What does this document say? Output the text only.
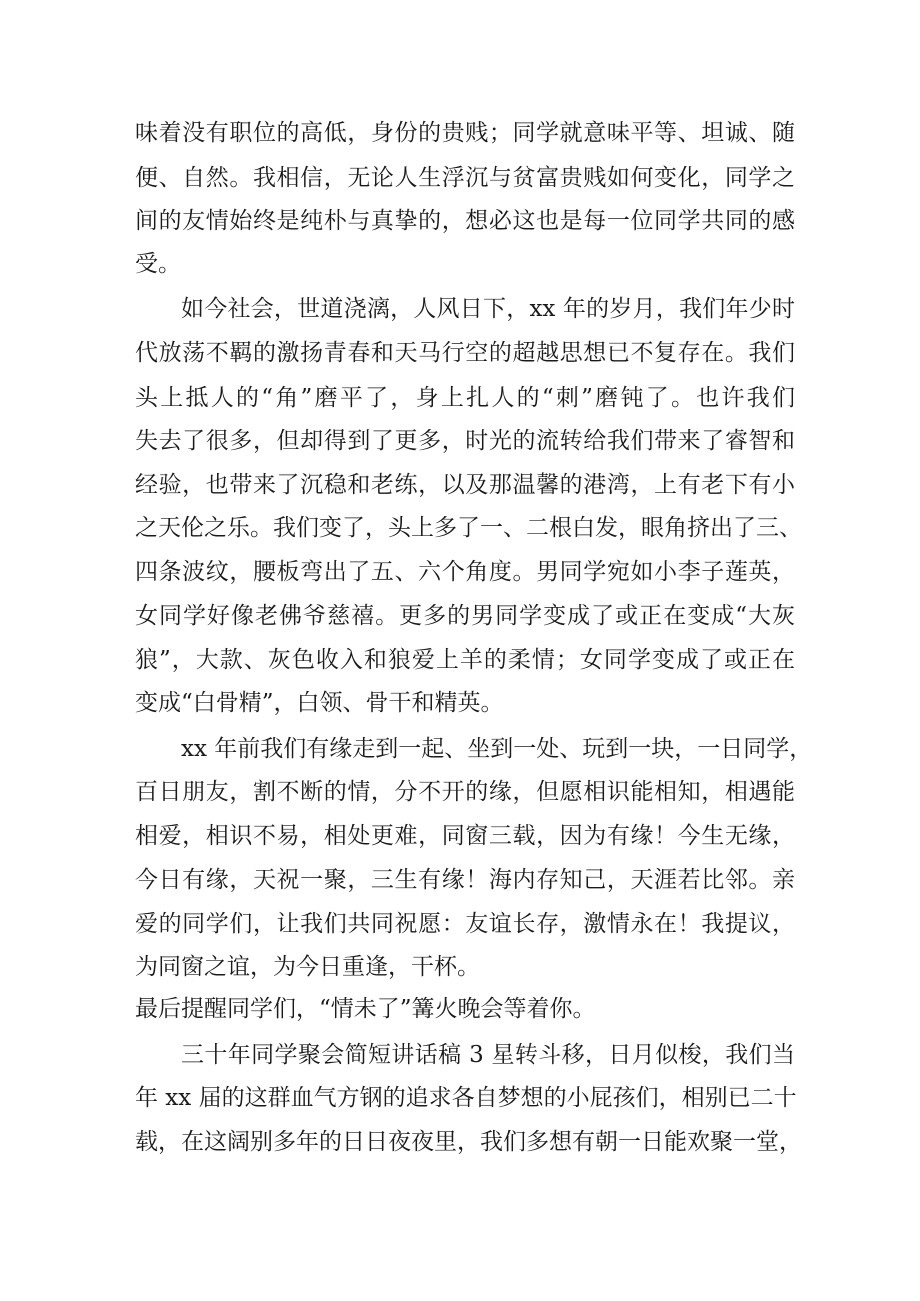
味着没有职位的高低，身份的贵贱；同学就意味平等、坦诚、随
便、自然。我相信，无论人生浮沉与贫富贵贱如何变化，同学之
间的友情始终是纯朴与真挚的，想必这也是每一位同学共同的感
受。
如今社会，世道浇漓，人风日下，xx 年的岁月，我们年少时
代放荡不羁的激扬青春和天马行空的超越思想已不复存在。我们
头上抵人的“角”磨平了，身上扎人的“刺”磨钝了。也许我们
失去了很多，但却得到了更多，时光的流转给我们带来了睿智和
经验，也带来了沉稳和老练，以及那温馨的港湾，上有老下有小
之天伦之乐。我们变了，头上多了一、二根白发，眼角挤出了三、
四条波纹，腰板弯出了五、六个角度。男同学宛如小李子莲英，
女同学好像老佛爷慈禧。更多的男同学变成了或正在变成“大灰
狼”，大款、灰色收入和狼爱上羊的柔情；女同学变成了或正在
变成“白骨精”，白领、骨干和精英。
xx 年前我们有缘走到一起、坐到一处、玩到一块，一日同学，
百日朋友，割不断的情，分不开的缘，但愿相识能相知，相遇能
相爱，相识不易，相处更难，同窗三载，因为有缘！今生无缘，
今日有缘，天祝一聚，三生有缘！海内存知己，天涯若比邻。亲
爱的同学们，让我们共同祝愿：友谊长存，激情永在！我提议，
为同窗之谊，为今日重逢，干杯。
最后提醒同学们，“情未了”篝火晚会等着你。
三十年同学聚会简短讲话稿 3 星转斗移，日月似梭，我们当
年 xx 届的这群血气方钢的追求各自梦想的小屁孩们，相别已二十
载，在这阔别多年的日日夜夜里，我们多想有朝一日能欢聚一堂，
